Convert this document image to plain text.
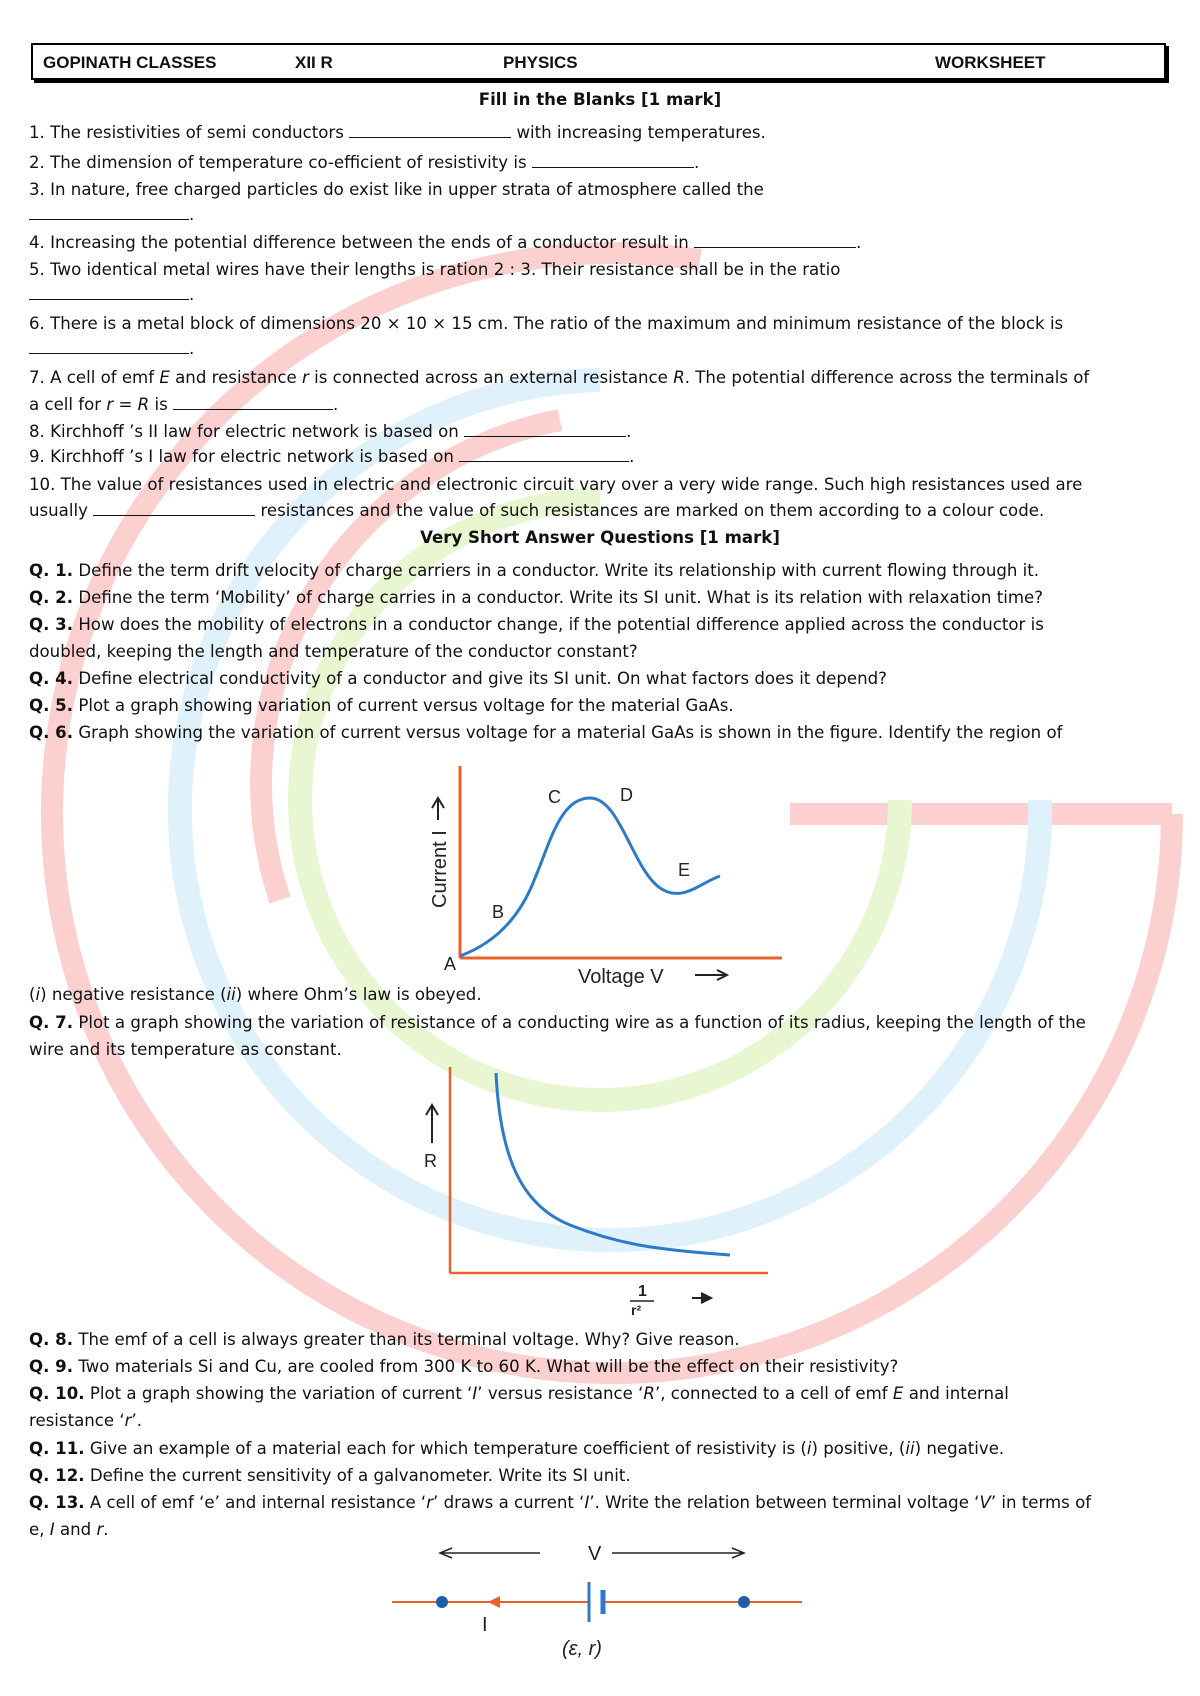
GOPINATH CLASSES	XII R	PHYSICS	WORKSHEET
Fill in the Blanks [1 mark]
1. The resistivities of semi conductors	with increasing temperatures.
2. The dimension of temperature co-efficient of resistivity is	.
3. In nature, free charged particles do exist like in upper strata of atmosphere called the
.
4. Increasing the potential difference between the ends of a conductor result in	.
5. Two identical metal wires have their lengths is ration 2 : 3. Their resistance shall be in the ratio
.
6. There is a metal block of dimensions 20 × 10 × 15 cm. The ratio of the maximum and minimum resistance of the block is
.
7. A cell of emf E and resistance r is connected across an external resistance R. The potential difference across the terminals of
a cell for r = R is	.
8. Kirchhoff ’s II law for electric network is based on	.
9. Kirchhoff ’s I law for electric network is based on	.
10. The value of resistances used in electric and electronic circuit vary over a very wide range. Such high resistances used are
usually	resistances and the value of such resistances are marked on them according to a colour code.
Very Short Answer Questions [1 mark]
Q. 1. Define the term drift velocity of charge carriers in a conductor. Write its relationship with current flowing through it.
Q. 2. Define the term ‘Mobility’ of charge carries in a conductor. Write its SI unit. What is its relation with relaxation time?
Q. 3. How does the mobility of electrons in a conductor change, if the potential difference applied across the conductor is
doubled, keeping the length and temperature of the conductor constant?
Q. 4. Define electrical conductivity of a conductor and give its SI unit. On what factors does it depend?
Q. 5. Plot a graph showing variation of current versus voltage for the material GaAs.
Q. 6. Graph showing the variation of current versus voltage for a material GaAs is shown in the figure. Identify the region of
Current I
Voltage V
A
B
C	D
E
(i) negative resistance (ii) where Ohm’s law is obeyed.
Q. 7. Plot a graph showing the variation of resistance of a conducting wire as a function of its radius, keeping the length of the
wire and its temperature as constant.
R
1
r²
Q. 8. The emf of a cell is always greater than its terminal voltage. Why? Give reason.
Q. 9. Two materials Si and Cu, are cooled from 300 K to 60 K. What will be the effect on their resistivity?
Q. 10. Plot a graph showing the variation of current ‘I’ versus resistance ‘R’, connected to a cell of emf E and internal
resistance ‘r’.
Q. 11. Give an example of a material each for which temperature coefficient of resistivity is (i) positive, (ii) negative.
Q. 12. Define the current sensitivity of a galvanometer. Write its SI unit.
Q. 13. A cell of emf ‘e’ and internal resistance ‘r’ draws a current ‘I’. Write the relation between terminal voltage ‘V’ in terms of
e, I and r.
V
I
(ε, r)
